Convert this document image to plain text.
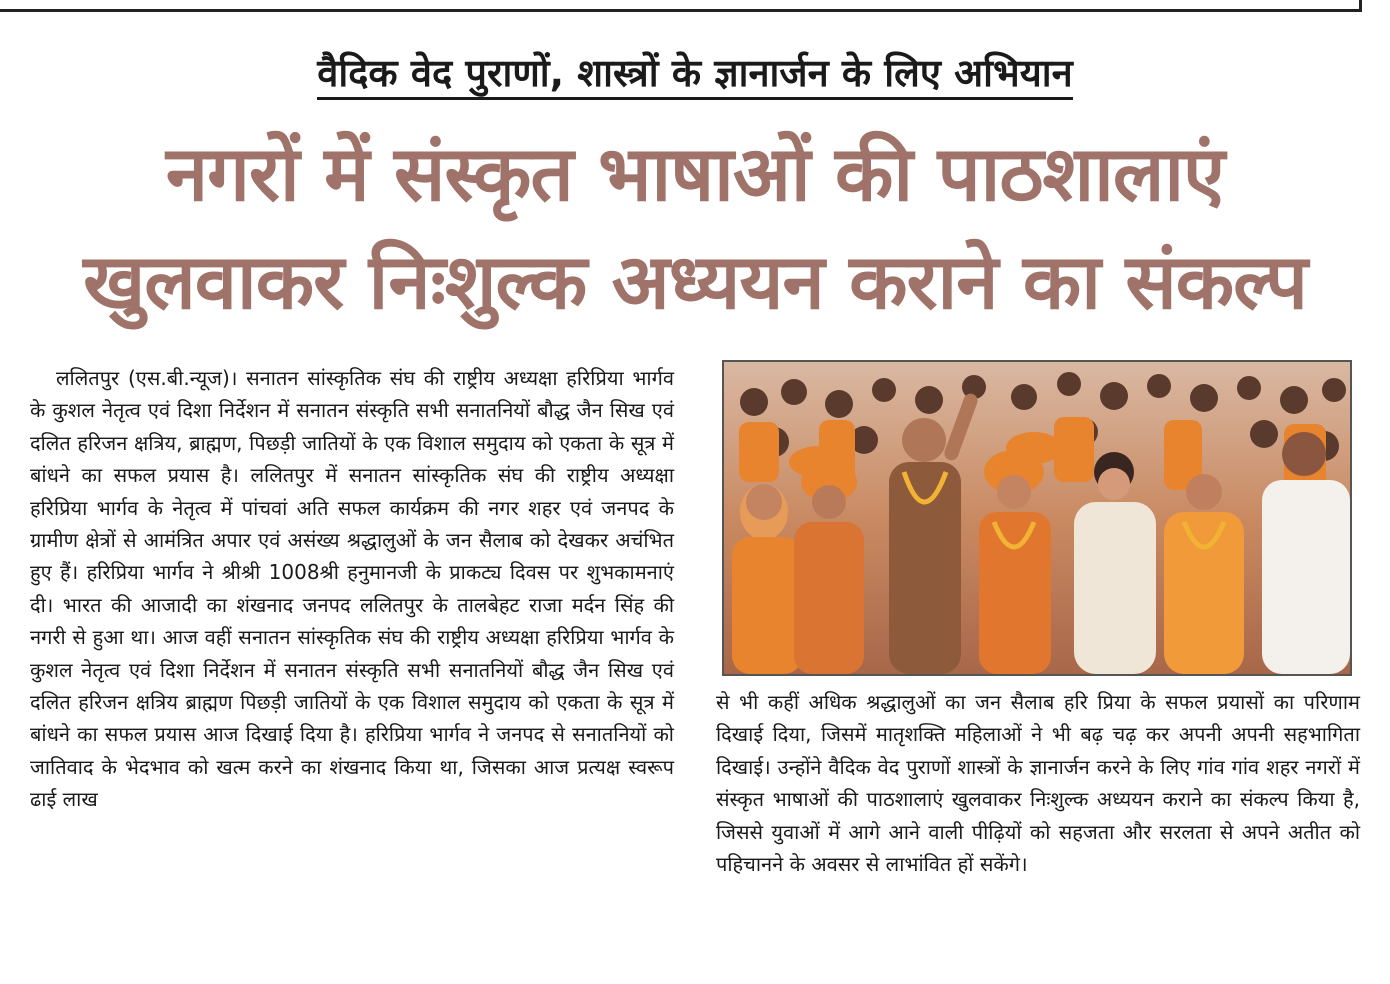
वैदिक वेद पुराणों, शास्त्रों के ज्ञानार्जन के लिए अभियान
नगरों में संस्कृत भाषाओं की पाठशालाएं
खुलवाकर निःशुल्क अध्ययन कराने का संकल्प

ललितपुर (एस.बी.न्यूज)। सनातन सांस्कृतिक संघ की राष्ट्रीय अध्यक्षा हरिप्रिया भार्गव के कुशल नेतृत्व एवं दिशा निर्देशन में सनातन संस्कृति सभी सनातनियों बौद्ध जैन सिख एवं दलित हरिजन क्षत्रिय, ब्राह्मण, पिछड़ी जातियों के एक विशाल समुदाय को एकता के सूत्र में बांधने का सफल प्रयास है। ललितपुर में सनातन सांस्कृतिक संघ की राष्ट्रीय अध्यक्षा हरिप्रिया भार्गव के नेतृत्व में पांचवां अति सफल कार्यक्रम की नगर शहर एवं जनपद के ग्रामीण क्षेत्रों से आमंत्रित अपार एवं असंख्य श्रद्धालुओं के जन सैलाब को देखकर अचंभित हुए हैं। हरिप्रिया भार्गव ने श्रीश्री 1008श्री हनुमानजी के प्राकट्य दिवस पर शुभकामनाएं दी। भारत की आजादी का शंखनाद जनपद ललितपुर के तालबेहट राजा मर्दन सिंह की नगरी से हुआ था। आज वहीं सनातन सांस्कृतिक संघ की राष्ट्रीय अध्यक्षा हरिप्रिया भार्गव के कुशल नेतृत्व एवं दिशा निर्देशन में सनातन संस्कृति सभी सनातनियों बौद्ध जैन सिख एवं दलित हरिजन क्षत्रिय ब्राह्मण पिछड़ी जातियों के एक विशाल समुदाय को एकता के सूत्र में बांधने का सफल प्रयास आज दिखाई दिया है। हरिप्रिया भार्गव ने जनपद से सनातनियों को जातिवाद के भेदभाव को खत्म करने का शंखनाद किया था, जिसका आज प्रत्यक्ष स्वरूप ढाई लाख

से भी कहीं अधिक श्रद्धालुओं का जन सैलाब हरि प्रिया के सफल प्रयासों का परिणाम दिखाई दिया, जिसमें मातृशक्ति महिलाओं ने भी बढ़ चढ़ कर अपनी अपनी सहभागिता दिखाई। उन्होंने वैदिक वेद पुराणों शास्त्रों के ज्ञानार्जन करने के लिए गांव गांव शहर नगरों में संस्कृत भाषाओं की पाठशालाएं खुलवाकर निःशुल्क अध्ययन कराने का संकल्प किया है, जिससे युवाओं में आगे आने वाली पीढ़ियों को सहजता और सरलता से अपने अतीत को पहिचानने के अवसर से लाभांवित हों सकेंगे।
